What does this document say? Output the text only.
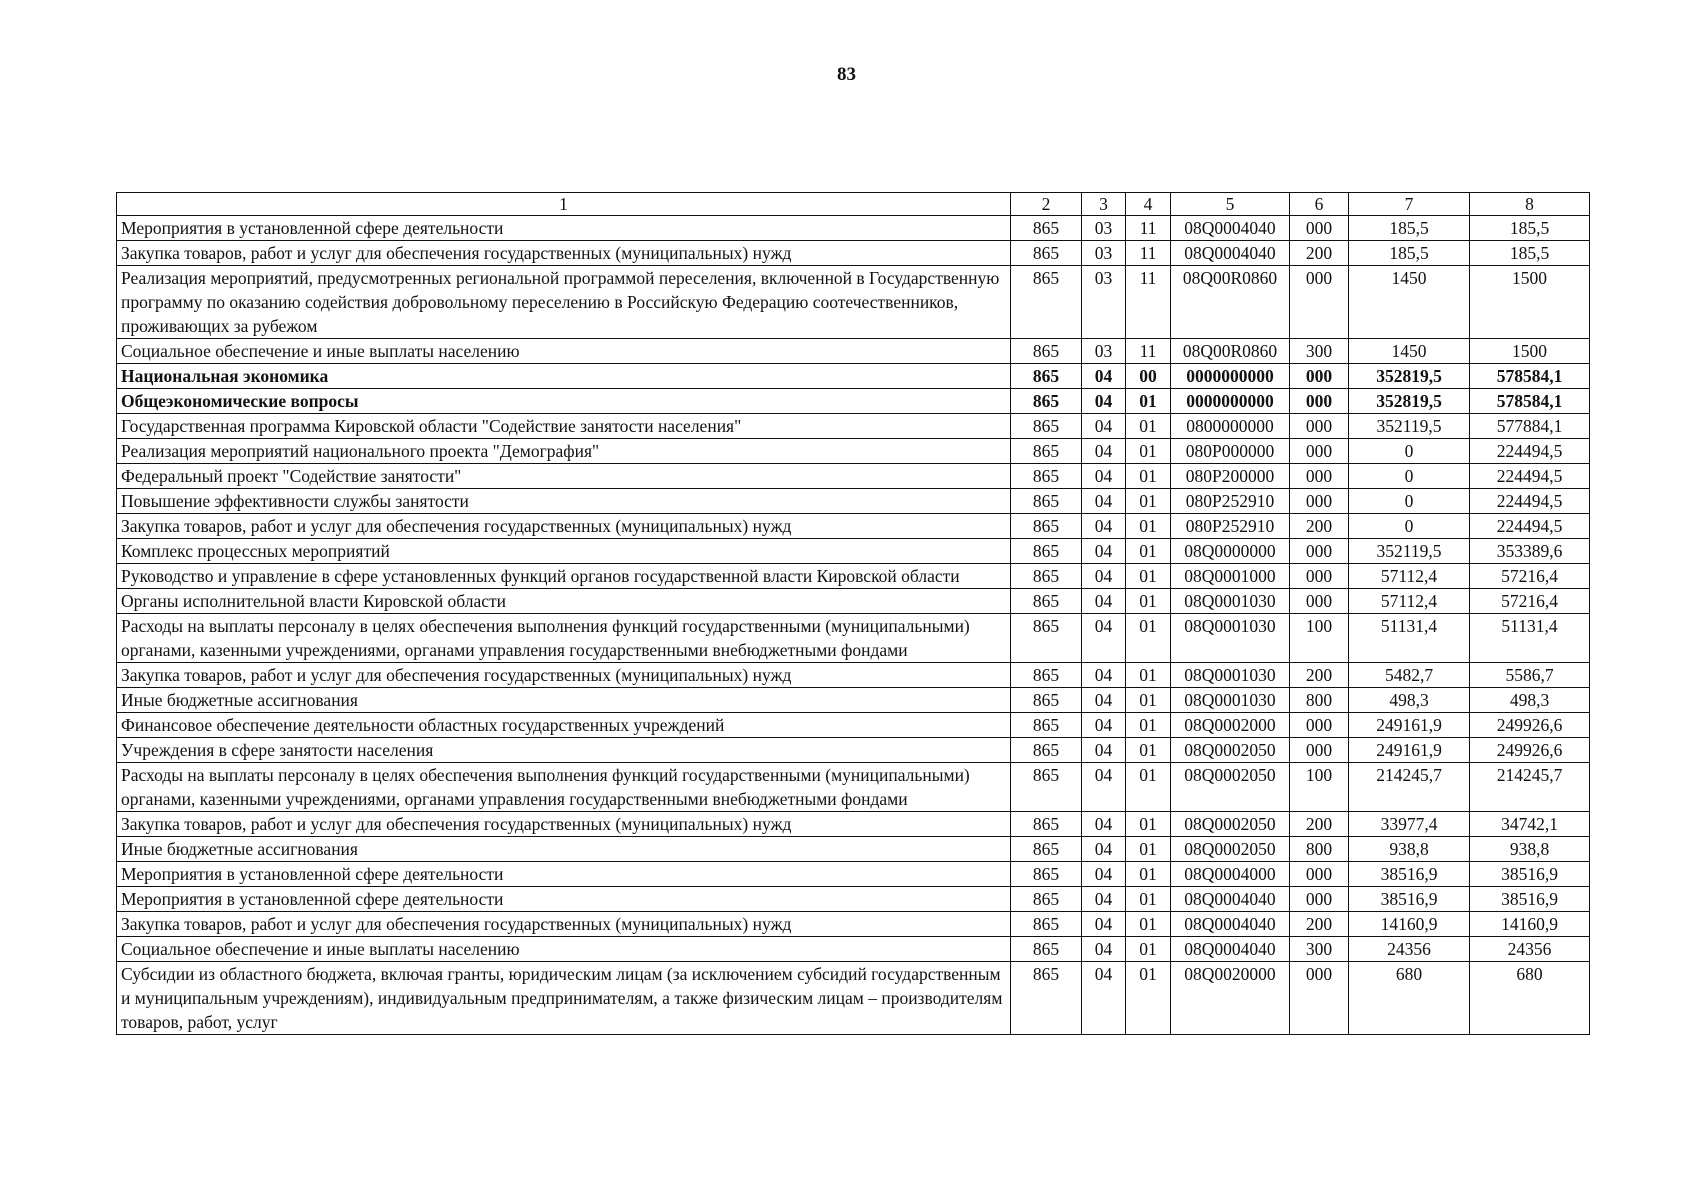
83
1	2	3	4	5	6	7	8
Мероприятия в установленной сфере деятельности	865	03	11	08Q0004040	000	185,5	185,5
Закупка товаров, работ и услуг для обеспечения государственных (муниципальных) нужд	865	03	11	08Q0004040	200	185,5	185,5
Реализация мероприятий, предусмотренных региональной программой переселения, включенной в Государственную программу по оказанию содействия добровольному переселению в Российскую Федерацию соотечественников, проживающих за рубежом	865	03	11	08Q00R0860	000	1450	1500
Социальное обеспечение и иные выплаты населению	865	03	11	08Q00R0860	300	1450	1500
Национальная экономика	865	04	00	0000000000	000	352819,5	578584,1
Общеэкономические вопросы	865	04	01	0000000000	000	352819,5	578584,1
Государственная программа Кировской области "Содействие занятости населения"	865	04	01	0800000000	000	352119,5	577884,1
Реализация мероприятий национального проекта "Демография"	865	04	01	080P000000	000	0	224494,5
Федеральный проект "Содействие занятости"	865	04	01	080P200000	000	0	224494,5
Повышение эффективности службы занятости	865	04	01	080P252910	000	0	224494,5
Закупка товаров, работ и услуг для обеспечения государственных (муниципальных) нужд	865	04	01	080P252910	200	0	224494,5
Комплекс процессных мероприятий	865	04	01	08Q0000000	000	352119,5	353389,6
Руководство и управление в сфере установленных функций органов государственной власти Кировской области	865	04	01	08Q0001000	000	57112,4	57216,4
Органы исполнительной власти Кировской области	865	04	01	08Q0001030	000	57112,4	57216,4
Расходы на выплаты персоналу в целях обеспечения выполнения функций государственными (муниципальными) органами, казенными учреждениями, органами управления государственными внебюджетными фондами	865	04	01	08Q0001030	100	51131,4	51131,4
Закупка товаров, работ и услуг для обеспечения государственных (муниципальных) нужд	865	04	01	08Q0001030	200	5482,7	5586,7
Иные бюджетные ассигнования	865	04	01	08Q0001030	800	498,3	498,3
Финансовое обеспечение деятельности областных государственных учреждений	865	04	01	08Q0002000	000	249161,9	249926,6
Учреждения в сфере занятости населения	865	04	01	08Q0002050	000	249161,9	249926,6
Расходы на выплаты персоналу в целях обеспечения выполнения функций государственными (муниципальными) органами, казенными учреждениями, органами управления государственными внебюджетными фондами	865	04	01	08Q0002050	100	214245,7	214245,7
Закупка товаров, работ и услуг для обеспечения государственных (муниципальных) нужд	865	04	01	08Q0002050	200	33977,4	34742,1
Иные бюджетные ассигнования	865	04	01	08Q0002050	800	938,8	938,8
Мероприятия в установленной сфере деятельности	865	04	01	08Q0004000	000	38516,9	38516,9
Мероприятия в установленной сфере деятельности	865	04	01	08Q0004040	000	38516,9	38516,9
Закупка товаров, работ и услуг для обеспечения государственных (муниципальных) нужд	865	04	01	08Q0004040	200	14160,9	14160,9
Социальное обеспечение и иные выплаты населению	865	04	01	08Q0004040	300	24356	24356
Субсидии из областного бюджета, включая гранты, юридическим лицам (за исключением субсидий государственным и муниципальным учреждениям), индивидуальным предпринимателям, а также физическим лицам – производителям товаров, работ, услуг	865	04	01	08Q0020000	000	680	680
